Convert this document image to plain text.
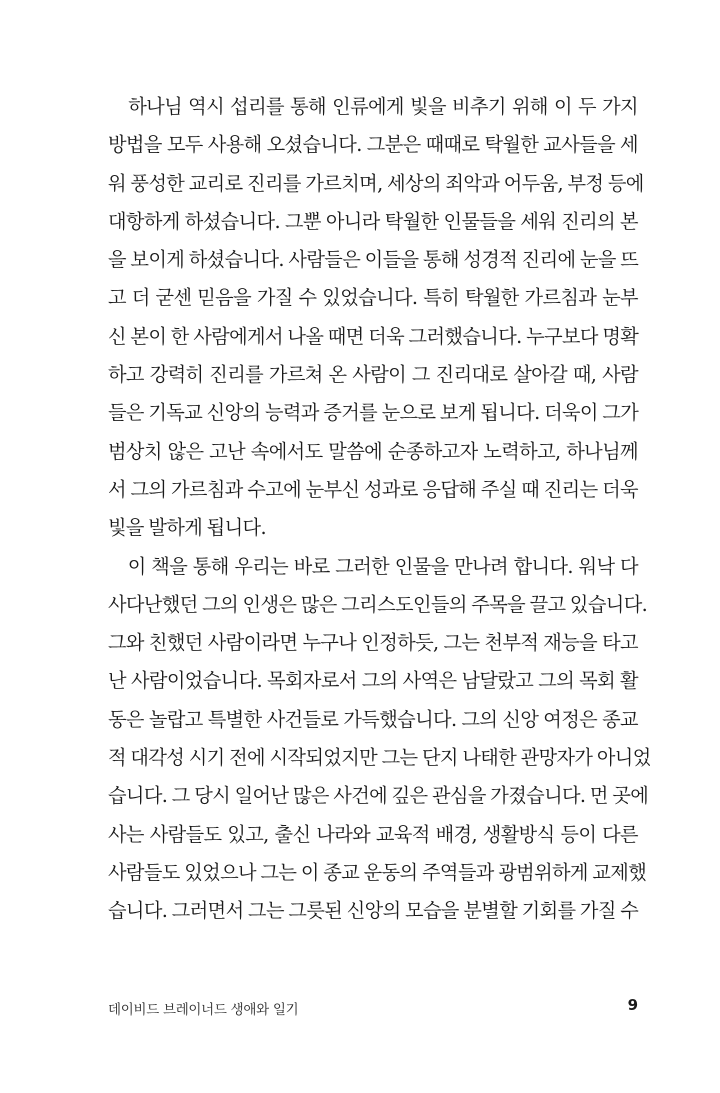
　하나님 역시 섭리를 통해 인류에게 빛을 비추기 위해 이 두 가지
방법을 모두 사용해 오셨습니다. 그분은 때때로 탁월한 교사들을 세
워 풍성한 교리로 진리를 가르치며, 세상의 죄악과 어두움, 부정 등에
대항하게 하셨습니다. 그뿐 아니라 탁월한 인물들을 세워 진리의 본
을 보이게 하셨습니다. 사람들은 이들을 통해 성경적 진리에 눈을 뜨
고 더 굳센 믿음을 가질 수 있었습니다. 특히 탁월한 가르침과 눈부
신 본이 한 사람에게서 나올 때면 더욱 그러했습니다. 누구보다 명확
하고 강력히 진리를 가르쳐 온 사람이 그 진리대로 살아갈 때, 사람
들은 기독교 신앙의 능력과 증거를 눈으로 보게 됩니다. 더욱이 그가
범상치 않은 고난 속에서도 말씀에 순종하고자 노력하고, 하나님께
서 그의 가르침과 수고에 눈부신 성과로 응답해 주실 때 진리는 더욱
빛을 발하게 됩니다.
　이 책을 통해 우리는 바로 그러한 인물을 만나려 합니다. 워낙 다
사다난했던 그의 인생은 많은 그리스도인들의 주목을 끌고 있습니다.
그와 친했던 사람이라면 누구나 인정하듯, 그는 천부적 재능을 타고
난 사람이었습니다. 목회자로서 그의 사역은 남달랐고 그의 목회 활
동은 놀랍고 특별한 사건들로 가득했습니다. 그의 신앙 여정은 종교
적 대각성 시기 전에 시작되었지만 그는 단지 나태한 관망자가 아니었
습니다. 그 당시 일어난 많은 사건에 깊은 관심을 가졌습니다. 먼 곳에
사는 사람들도 있고, 출신 나라와 교육적 배경, 생활방식 등이 다른
사람들도 있었으나 그는 이 종교 운동의 주역들과 광범위하게 교제했
습니다. 그러면서 그는 그릇된 신앙의 모습을 분별할 기회를 가질 수
데이비드 브레이너드 생애와 일기	9
